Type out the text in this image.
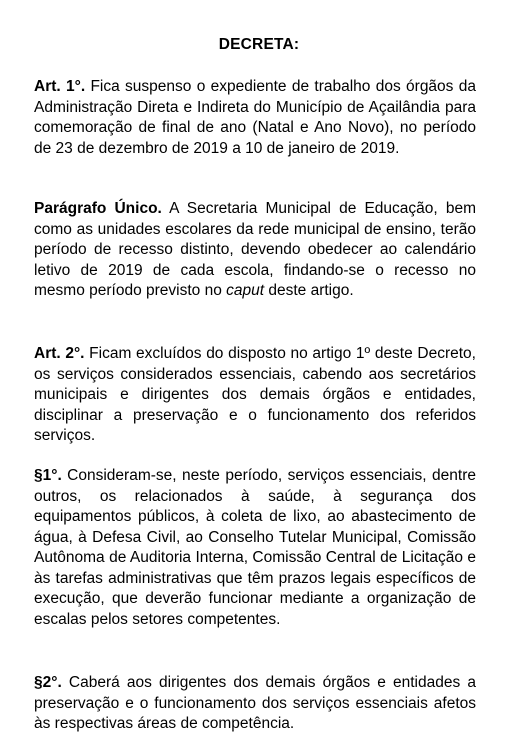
DECRETA:

Art. 1°. Fica suspenso o expediente de trabalho dos órgãos da Administração Direta e Indireta do Município de Açailândia para comemoração de final de ano (Natal e Ano Novo), no período de 23 de dezembro de 2019 a 10 de janeiro de 2019.

Parágrafo Único. A Secretaria Municipal de Educação, bem como as unidades escolares da rede municipal de ensino, terão período de recesso distinto, devendo obedecer ao calendário letivo de 2019 de cada escola, findando-se o recesso no mesmo período previsto no caput deste artigo.

Art. 2°. Ficam excluídos do disposto no artigo 1º deste Decreto, os serviços considerados essenciais, cabendo aos secretários municipais e dirigentes dos demais órgãos e entidades, disciplinar a preservação e o funcionamento dos referidos serviços.

§1°. Consideram-se, neste período, serviços essenciais, dentre outros, os relacionados à saúde, à segurança dos equipamentos públicos, à coleta de lixo, ao abastecimento de água, à Defesa Civil, ao Conselho Tutelar Municipal, Comissão Autônoma de Auditoria Interna, Comissão Central de Licitação e às tarefas administrativas que têm prazos legais específicos de execução, que deverão funcionar mediante a organização de escalas pelos setores competentes.

§2°. Caberá aos dirigentes dos demais órgãos e entidades a preservação e o funcionamento dos serviços essenciais afetos às respectivas áreas de competência.
